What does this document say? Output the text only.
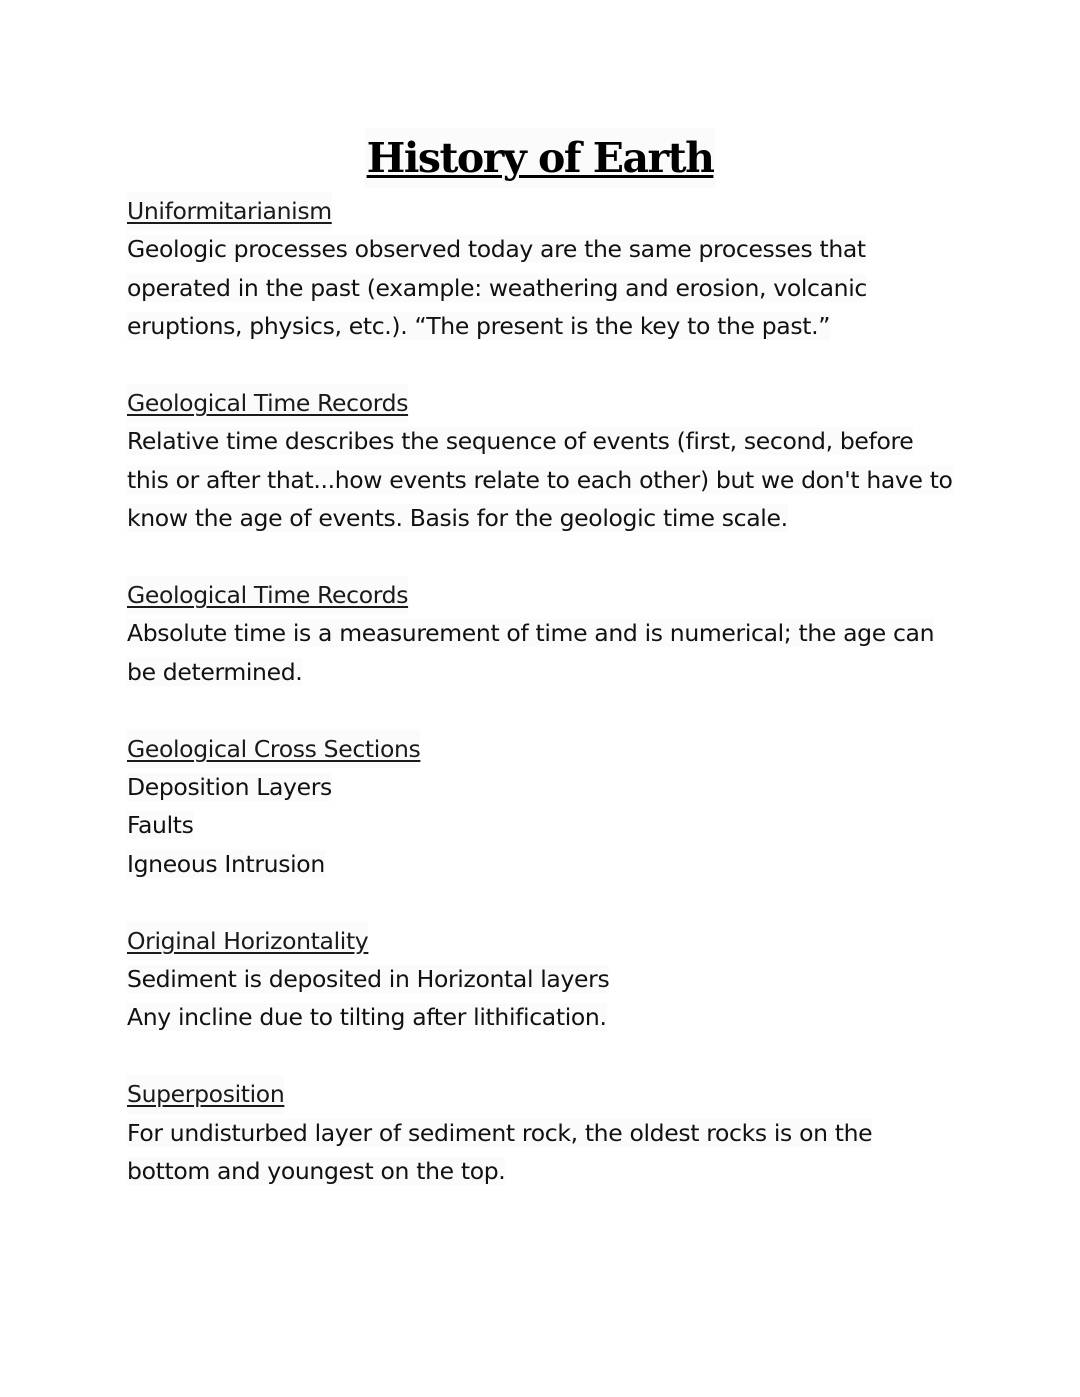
History of Earth
Uniformitarianism
Geologic processes observed today are the same processes that
operated in the past (example: weathering and erosion, volcanic
eruptions, physics, etc.). “The present is the key to the past.”
Geological Time Records
Relative time describes the sequence of events (first, second, before
this or after that...how events relate to each other) but we don't have to
know the age of events. Basis for the geologic time scale.
Geological Time Records
Absolute time is a measurement of time and is numerical; the age can
be determined.
Geological Cross Sections
Deposition Layers
Faults
Igneous Intrusion
Original Horizontality
Sediment is deposited in Horizontal layers
Any incline due to tilting after lithification.
Superposition
For undisturbed layer of sediment rock, the oldest rocks is on the
bottom and youngest on the top.
